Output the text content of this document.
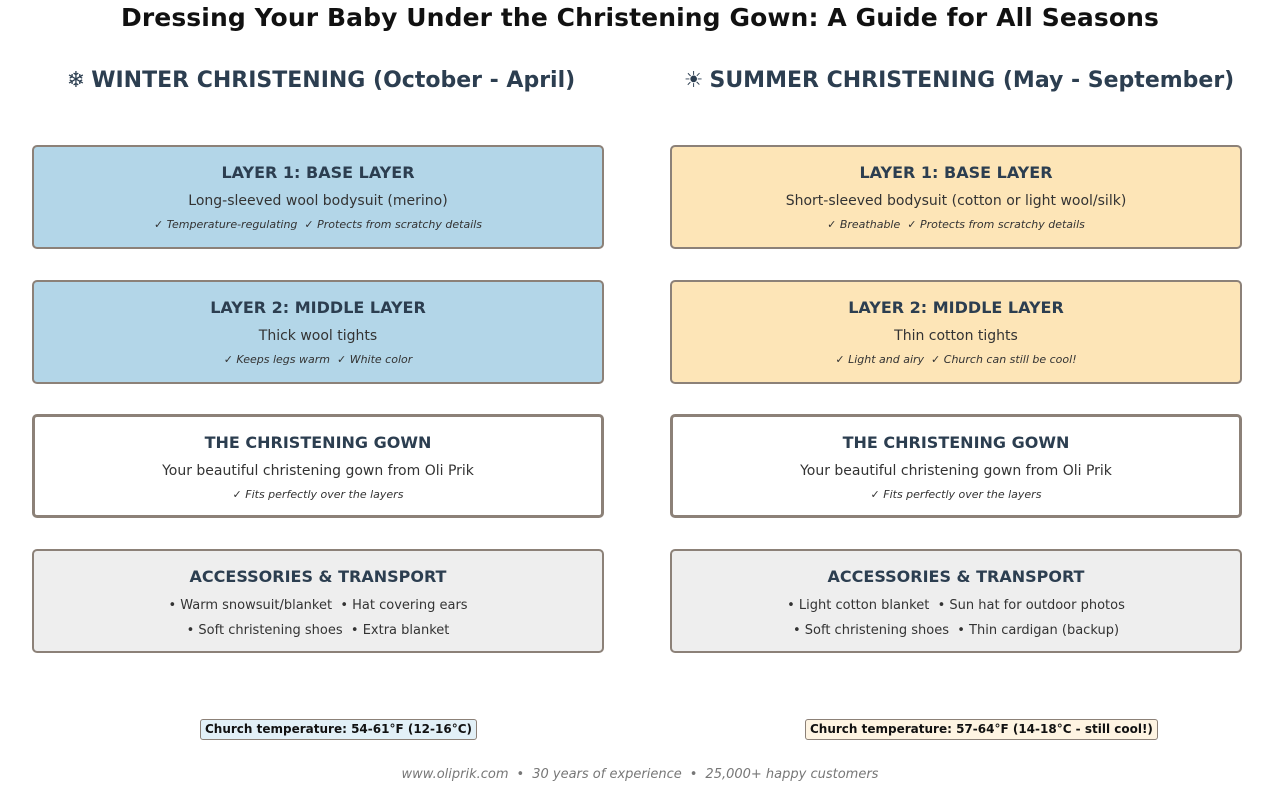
Dressing Your Baby Under the Christening Gown: A Guide for All Seasons
❄ WINTER CHRISTENING (October - April)
LAYER 1: BASE LAYER
Long-sleeved wool bodysuit (merino)
✓ Temperature-regulating  ✓ Protects from scratchy details
LAYER 2: MIDDLE LAYER
Thick wool tights
✓ Keeps legs warm  ✓ White color
THE CHRISTENING GOWN
Your beautiful christening gown from Oli Prik
✓ Fits perfectly over the layers
ACCESSORIES & TRANSPORT
• Warm snowsuit/blanket  • Hat covering ears
• Soft christening shoes  • Extra blanket
Church temperature: 54-61°F (12-16°C)
☀ SUMMER CHRISTENING (May - September)
LAYER 1: BASE LAYER
Short-sleeved bodysuit (cotton or light wool/silk)
✓ Breathable  ✓ Protects from scratchy details
LAYER 2: MIDDLE LAYER
Thin cotton tights
✓ Light and airy  ✓ Church can still be cool!
THE CHRISTENING GOWN
Your beautiful christening gown from Oli Prik
✓ Fits perfectly over the layers
ACCESSORIES & TRANSPORT
• Light cotton blanket  • Sun hat for outdoor photos
• Soft christening shoes  • Thin cardigan (backup)
Church temperature: 57-64°F (14-18°C - still cool!)
www.oliprik.com • 30 years of experience • 25,000+ happy customers
